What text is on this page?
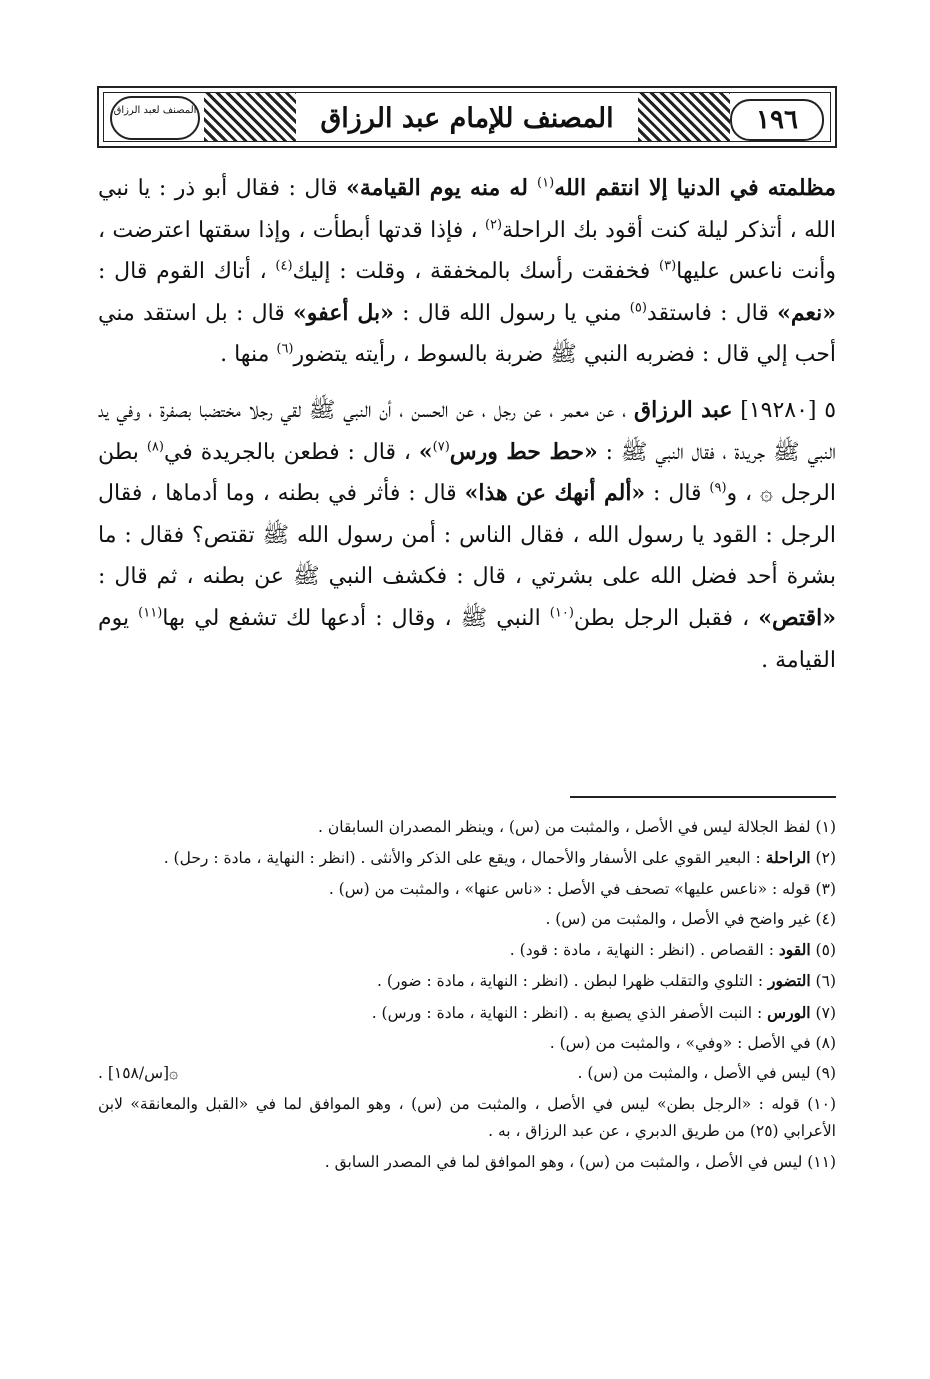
١٩٦
المصنف للإمام عبد الرزاق
المصنف لعبد الرزاق

مظلمته في الدنيا إلا انتقم الله$^{(١)}$ له منه يوم القيامة» قال : فقال أبو ذر : يا نبي الله ، أتذكر ليلة كنت أقود بك الراحلة$^{(٢)}$ ، فإذا قدتها أبطأت ، وإذا سقتها اعترضت ، وأنت ناعس عليها$^{(٣)}$ فخفقت رأسك بالمخفقة ، وقلت : إليك$^{(٤)}$ ، أتاك القوم قال : «نعم» قال : فاستقد$^{(٥)}$ مني يا رسول الله قال : «بل أعفو» قال : بل استقد مني أحب إلي قال : فضربه النبي ﷺ ضربة بالسوط ، رأيته يتضور$^{(٦)}$ منها .

٥ [١٩٢٨٠] عبد الرزاق ، عن معمر ، عن رجل ، عن الحسن ، أن النبي ﷺ لقي رجلا مختضبا بصفرة ، وفي يد النبي ﷺ جريدة ، فقال النبي ﷺ : «حط حط ورس$^{(٧)}$» ، قال : فطعن بالجريدة في$^{(٨)}$ بطن الرجل ۞ ، و$^{(٩)}$ قال : «ألم أنهك عن هذا» قال : فأثر في بطنه ، وما أدماها ، فقال الرجل : القود يا رسول الله ، فقال الناس : أمن رسول الله ﷺ تقتص؟ فقال : ما بشرة أحد فضل الله على بشرتي ، قال : فكشف النبي ﷺ عن بطنه ، ثم قال : «اقتص» ، فقبل الرجل بطن$^{(١٠)}$ النبي ﷺ ، وقال : أدعها لك تشفع لي بها$^{(١١)}$ يوم القيامة .

(١) لفظ الجلالة ليس في الأصل ، والمثبت من (س) ، وينظر المصدران السابقان .

(٢) الراحلة : البعير القوي على الأسفار والأحمال ، ويقع على الذكر والأنثى . (انظر : النهاية ، مادة : رحل) .

(٣) قوله : «ناعس عليها» تصحف في الأصل : «ناس عنها» ، والمثبت من (س) .

(٤) غير واضح في الأصل ، والمثبت من (س) .

(٥) القود : القصاص . (انظر : النهاية ، مادة : قود) .

(٦) التضور : التلوي والتقلب ظهرا لبطن . (انظر : النهاية ، مادة : ضور) .

(٧) الورس : النبت الأصفر الذي يصبغ به . (انظر : النهاية ، مادة : ورس) .

(٨) في الأصل : «وفي» ، والمثبت من (س) .

(٩) ليس في الأصل ، والمثبت من (س) .
۞[س/١٥٨] .

(١٠) قوله : «الرجل بطن» ليس في الأصل ، والمثبت من (س) ، وهو الموافق لما في «القبل والمعانقة» لابن الأعرابي (٢٥) من طريق الدبري ، عن عبد الرزاق ، به .

(١١) ليس في الأصل ، والمثبت من (س) ، وهو الموافق لما في المصدر السابق .
